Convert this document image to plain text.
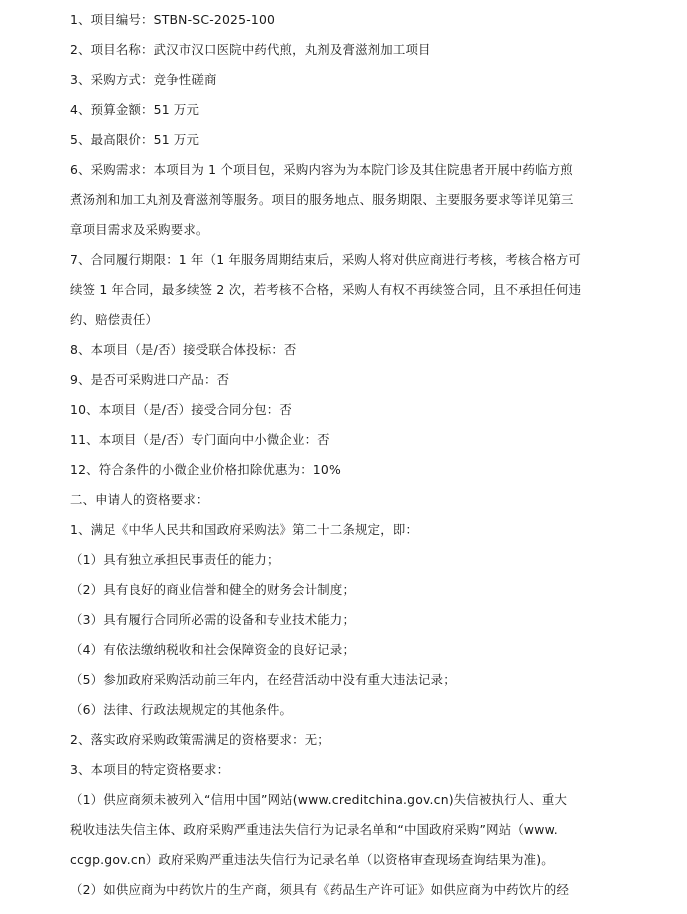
1、项目编号：STBN-SC-2025-100
2、项目名称：武汉市汉口医院中药代煎，丸剂及膏滋剂加工项目
3、采购方式：竞争性磋商
4、预算金额：51 万元
5、最高限价：51 万元
6、采购需求：本项目为 1 个项目包，采购内容为为本院门诊及其住院患者开展中药临方煎
煮汤剂和加工丸剂及膏滋剂等服务。项目的服务地点、服务期限、主要服务要求等详见第三
章项目需求及采购要求。
7、合同履行期限：1 年（1 年服务周期结束后，采购人将对供应商进行考核，考核合格方可
续签 1 年合同，最多续签 2 次，若考核不合格，采购人有权不再续签合同，且不承担任何违
约、赔偿责任）
8、本项目（是/否）接受联合体投标：否
9、是否可采购进口产品：否
10、本项目（是/否）接受合同分包：否
11、本项目（是/否）专门面向中小微企业：否
12、符合条件的小微企业价格扣除优惠为：10%
二、申请人的资格要求：
1、满足《中华人民共和国政府采购法》第二十二条规定，即：
（1）具有独立承担民事责任的能力；
（2）具有良好的商业信誉和健全的财务会计制度；
（3）具有履行合同所必需的设备和专业技术能力；
（4）有依法缴纳税收和社会保障资金的良好记录；
（5）参加政府采购活动前三年内，在经营活动中没有重大违法记录；
（6）法律、行政法规规定的其他条件。
2、落实政府采购政策需满足的资格要求：无；
3、本项目的特定资格要求：
（1）供应商须未被列入“信用中国”网站(www.creditchina.gov.cn)失信被执行人、重大
税收违法失信主体、政府采购严重违法失信行为记录名单和“中国政府采购”网站（www.
ccgp.gov.cn）政府采购严重违法失信行为记录名单（以资格审查现场查询结果为准)。
（2）如供应商为中药饮片的生产商，须具有《药品生产许可证》如供应商为中药饮片的经
